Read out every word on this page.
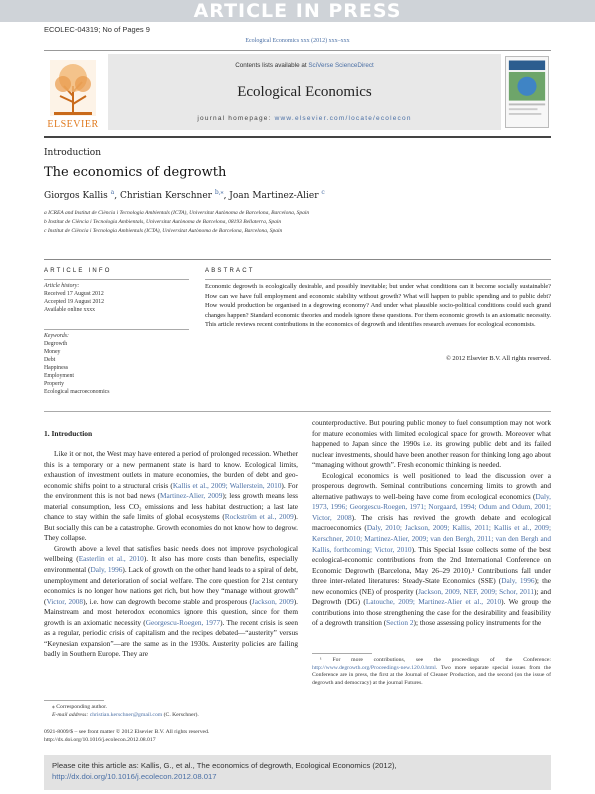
ARTICLE IN PRESS
ECOLEC-04319; No of Pages 9
Ecological Economics xxx (2012) xxx–xxx
ELSEVIER
Contents lists available at SciVerse ScienceDirect
Ecological Economics
journal homepage: www.elsevier.com/locate/ecolecon
Introduction
The economics of degrowth
Giorgos Kallis $^a$, Christian Kerschner $^{b,⁎}$, Joan Martinez-Alier $^c$
a ICREA and Institut de Ciència i Tecnologia Ambientals (ICTA), Universitat Autònoma de Barcelona, Barcelona, Spain
b Institut de Ciència i Tecnologia Ambientals, Universitat Autònoma de Barcelona, 08193 Bellaterra, Spain
c Institut de Ciència i Tecnologia Ambientals (ICTA), Universitat Autònoma de Barcelona, Barcelona, Spain
ARTICLE INFO	ABSTRACT
Article history:
Received 17 August 2012
Accepted 19 August 2012
Available online xxxx
Keywords:
Degrowth
Money
Debt
Happiness
Employment
Property
Ecological macroeconomics
Economic degrowth is ecologically desirable, and possibly inevitable; but under what conditions can it become socially sustainable? How can we have full employment and economic stability without growth? What will happen to public spending and to public debt? How would production be organised in a degrowing economy? And under what plausible socio-political conditions could such grand changes happen? Standard economic theories and models ignore these questions. For them economic growth is an axiomatic necessity. This article reviews recent contributions in the economics of degrowth and identifies research avenues for ecological economists.
© 2012 Elsevier B.V. All rights reserved.
1. Introduction

Like it or not, the West may have entered a period of prolonged recession. Whether this is a temporary or a new permanent state is hard to know. Ecological limits, exhaustion of investment outlets in mature economies, the burden of debt and geo-economic shifts point to a structural crisis (Kallis et al., 2009; Wallerstein, 2010). For the environment this is not bad news (Martinez-Alier, 2009); less growth means less material consumption, less CO₂ emissions and less habitat destruction; a last late chance to stay within the safe limits of global ecosystems (Rockström et al., 2009). But socially this can be a catastrophe. Growth economies do not know how to degrow. They collapse.

Growth above a level that satisfies basic needs does not improve psychological wellbeing (Easterlin et al., 2010). It also has more costs than benefits, especially environmental (Daly, 1996). Lack of growth on the other hand leads to a spiral of debt, unemployment and deterioration of social welfare. The core question for 21st century economics is no longer how nations get rich, but how they “manage without growth” (Victor, 2008), i.e. how can degrowth become stable and prosperous (Jackson, 2009). Mainstream and most heterodox economics ignore this question, since for them growth is an axiomatic necessity (Georgescu-Roegen, 1977). The recent crisis is seen as a regular, periodic crisis of capitalism and the recipes debated—“austerity” versus “Keynesian expansion”—are the same as in the 1930s. Austerity policies are failing badly in Southern Europe. They are

counterproductive. But pouring public money to fuel consumption may not work for mature economies with limited ecological space for growth. Moreover what happened to Japan since the 1990s i.e. its growing public debt and its failed nuclear investments, should have been another reason for thinking long ago about “managing without growth”. Fresh economic thinking is needed.

Ecological economics is well positioned to lead the discussion over a prosperous degrowth. Seminal contributions concerning limits to growth and alternative pathways to well-being have come from ecological economics (Daly, 1973, 1996; Georgescu-Roegen, 1971; Norgaard, 1994; Odum and Odum, 2001; Victor, 2008). The crisis has revived the growth debate and ecological macroeconomics (Daly, 2010; Jackson, 2009; Kallis, 2011; Kallis et al., 2009; Kerschner, 2010; Martinez-Alier, 2009; van den Bergh, 2011; van den Bergh and Kallis, forthcoming; Victor, 2010). This Special Issue collects some of the best ecological-economic contributions from the 2nd International Conference on Economic Degrowth (Barcelona, May 26–29 2010).¹ Contributions fall under three inter-related literatures: Steady-State Economics (SSE) (Daly, 1996); the new economics (NE) of prosperity (Jackson, 2009, NEF, 2009; Schor, 2011); and Degrowth (DG) (Latouche, 2009; Martinez-Alier et al., 2010). We group the contributions into those strengthening the case for the desirability and feasibility of a degrowth transition (Section 2); those assessing policy instruments for the

¹ For more contributions, see the proceedings of the Conference: http://www.degrowth.org/Proceedings-new.120.0.html. Two more separate special issues from the Conference are in press, the first at the Journal of Cleaner Production, and the second (on the issue of degrowth and democracy) at the journal Futures.
⁎ Corresponding author.
E-mail address: christian.kerschner@gmail.com (C. Kerschner).
0921-8009/$ – see front matter © 2012 Elsevier B.V. All rights reserved.
http://dx.doi.org/10.1016/j.ecolecon.2012.08.017
Please cite this article as: Kallis, G., et al., The economics of degrowth, Ecological Economics (2012), http://dx.doi.org/10.1016/j.ecolecon.2012.08.017
